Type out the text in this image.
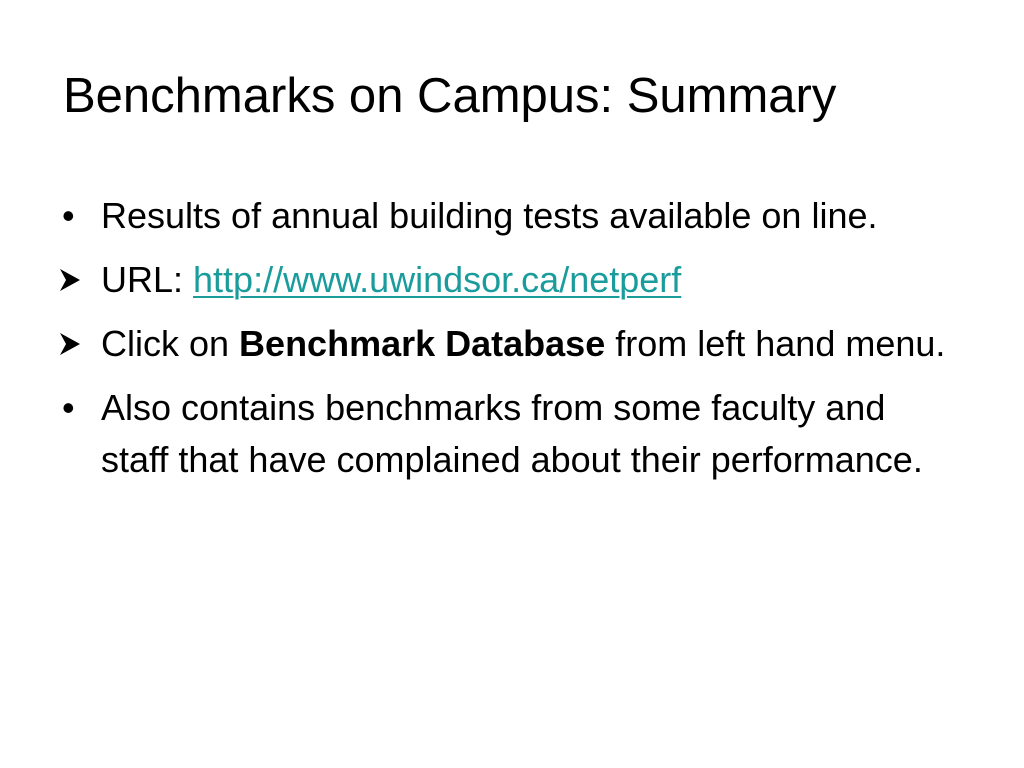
Benchmarks on Campus: Summary
• Results of annual building tests available on line.
URL: http://www.uwindsor.ca/netperf
Click on Benchmark Database from left hand menu.
• Also contains benchmarks from some faculty and staff that have complained about their performance.
